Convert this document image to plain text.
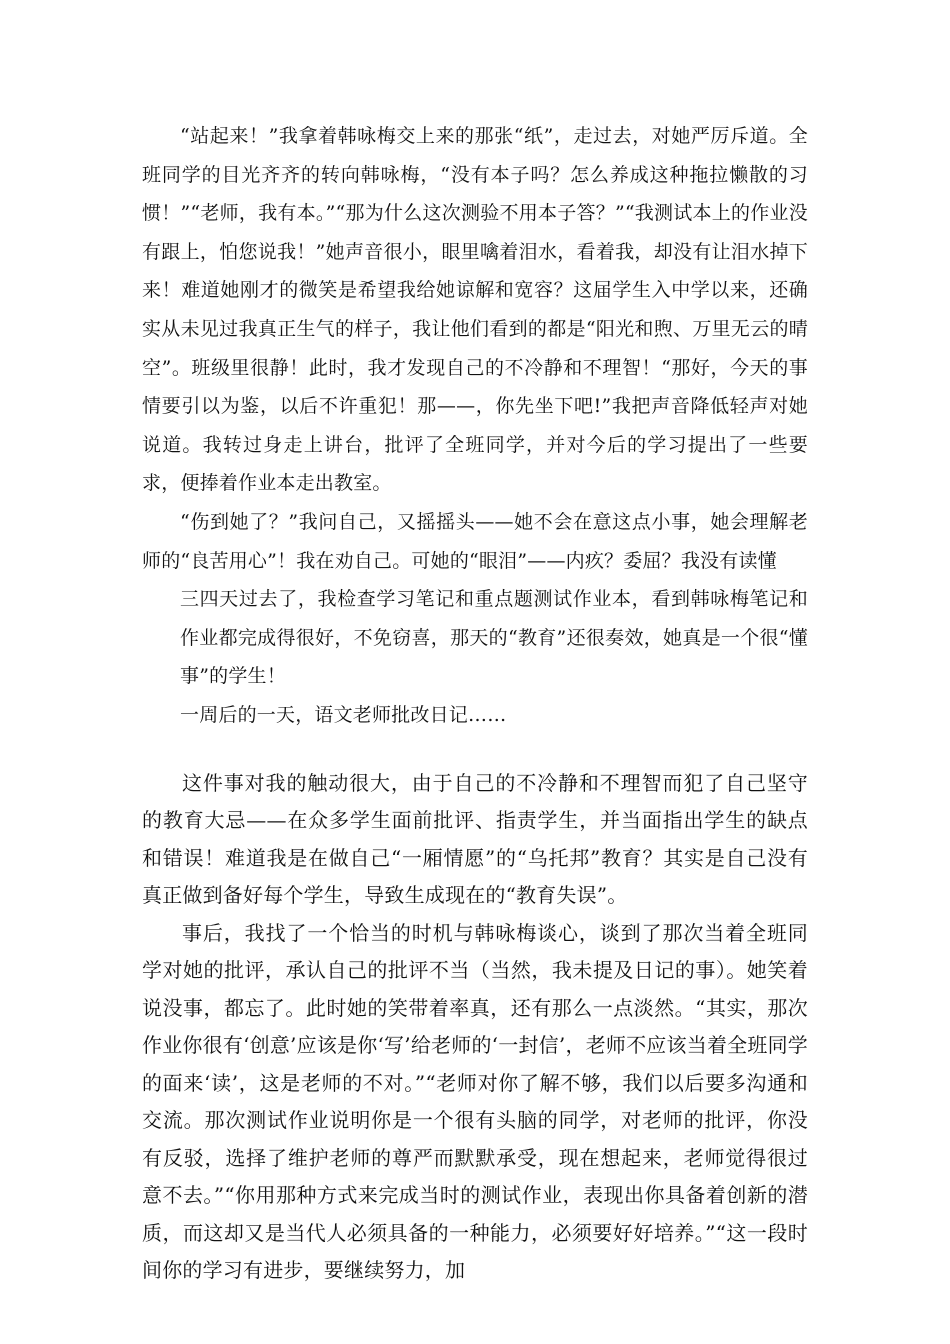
“站起来！”我拿着韩咏梅交上来的那张“纸”，走过去，对她严厉斥道。全班同学的目光齐齐的转向韩咏梅，“没有本子吗？怎么养成这种拖拉懒散的习惯！”“老师，我有本。”“那为什么这次测验不用本子答？”“我测试本上的作业没有跟上，怕您说我！”她声音很小，眼里噙着泪水，看着我，却没有让泪水掉下来！难道她刚才的微笑是希望我给她谅解和宽容？这届学生入中学以来，还确实从未见过我真正生气的样子，我让他们看到的都是“阳光和煦、万里无云的晴空”。班级里很静！此时，我才发现自己的不冷静和不理智！“那好，今天的事情要引以为鉴，以后不许重犯！那——，你先坐下吧!”我把声音降低轻声对她说道。我转过身走上讲台，批评了全班同学，并对今后的学习提出了一些要求，便捧着作业本走出教室。

“伤到她了？”我问自己，又摇摇头——她不会在意这点小事，她会理解老师的“良苦用心”！我在劝自己。可她的“眼泪”——内疚？委屈？我没有读懂

三四天过去了，我检查学习笔记和重点题测试作业本，看到韩咏梅笔记和作业都完成得很好，不免窃喜，那天的“教育”还很奏效，她真是一个很“懂事”的学生！

一周后的一天，语文老师批改日记……

这件事对我的触动很大，由于自己的不冷静和不理智而犯了自己坚守的教育大忌——在众多学生面前批评、指责学生，并当面指出学生的缺点和错误！难道我是在做自己“一厢情愿”的“乌托邦”教育？其实是自己没有真正做到备好每个学生，导致生成现在的“教育失误”。

事后，我找了一个恰当的时机与韩咏梅谈心，谈到了那次当着全班同学对她的批评，承认自己的批评不当（当然，我未提及日记的事）。她笑着说没事，都忘了。此时她的笑带着率真，还有那么一点淡然。“其实，那次作业你很有‘创意’应该是你‘写’给老师的‘一封信’，老师不应该当着全班同学的面来‘读’，这是老师的不对。”“老师对你了解不够，我们以后要多沟通和交流。那次测试作业说明你是一个很有头脑的同学，对老师的批评，你没有反驳，选择了维护老师的尊严而默默承受，现在想起来，老师觉得很过意不去。”“你用那种方式来完成当时的测试作业，表现出你具备着创新的潜质，而这却又是当代人必须具备的一种能力，必须要好好培养。”“这一段时间你的学习有进步，要继续努力，加
